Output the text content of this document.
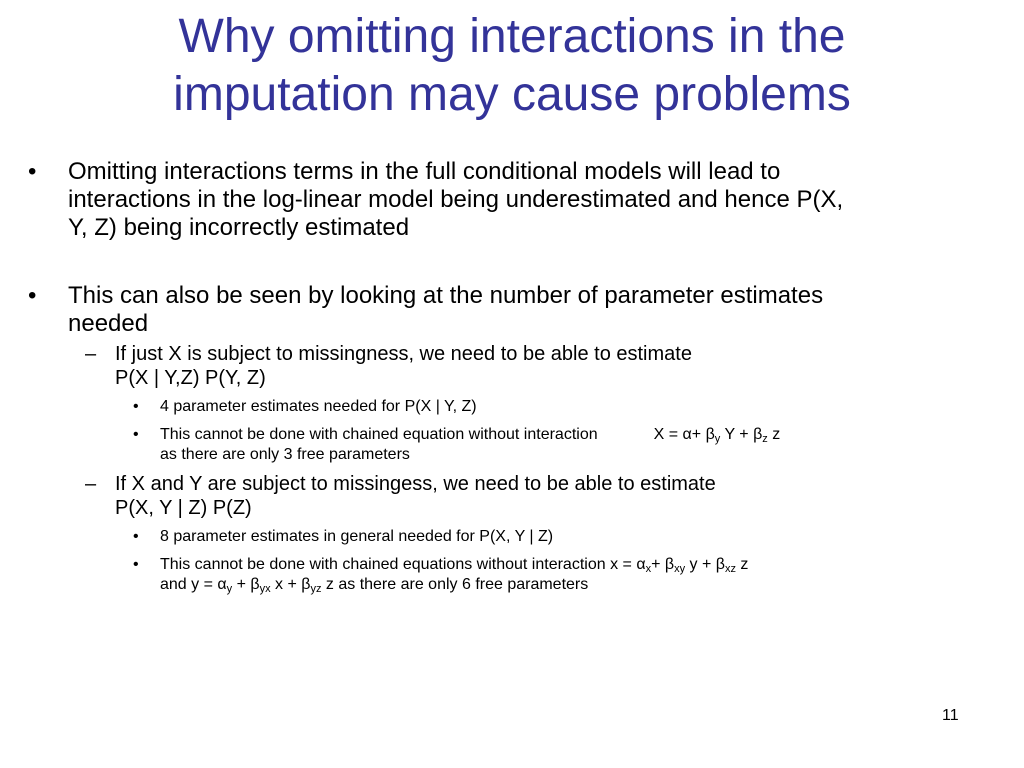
Why omitting interactions in the
imputation may cause problems
• Omitting interactions terms in the full conditional models will lead to
interactions in the log-linear model being underestimated and hence P(X,
Y, Z) being incorrectly estimated
• This can also be seen by looking at the number of parameter estimates
needed
– If just X is subject to missingness, we need to be able to estimate
P(X | Y,Z) P(Y, Z)
• 4 parameter estimates needed for P(X | Y, Z)
• This cannot be done with chained equation without interaction	$X = \alpha+ \beta_y$ $Y + \beta_z$ z
as there are only 3 free parameters
– If X and Y are subject to missingess, we need to be able to estimate
P(X, Y | Z) P(Z)
• 8 parameter estimates in general needed for P(X, Y | Z)
• This cannot be done with chained equations without interaction $x = \alpha_x+ \beta_{xy}$ $y + \beta_{xz}$ z
and $y = \alpha_y + \beta_{yx}$ $x + \beta_{yz}$ z as there are only 6 free parameters
11
